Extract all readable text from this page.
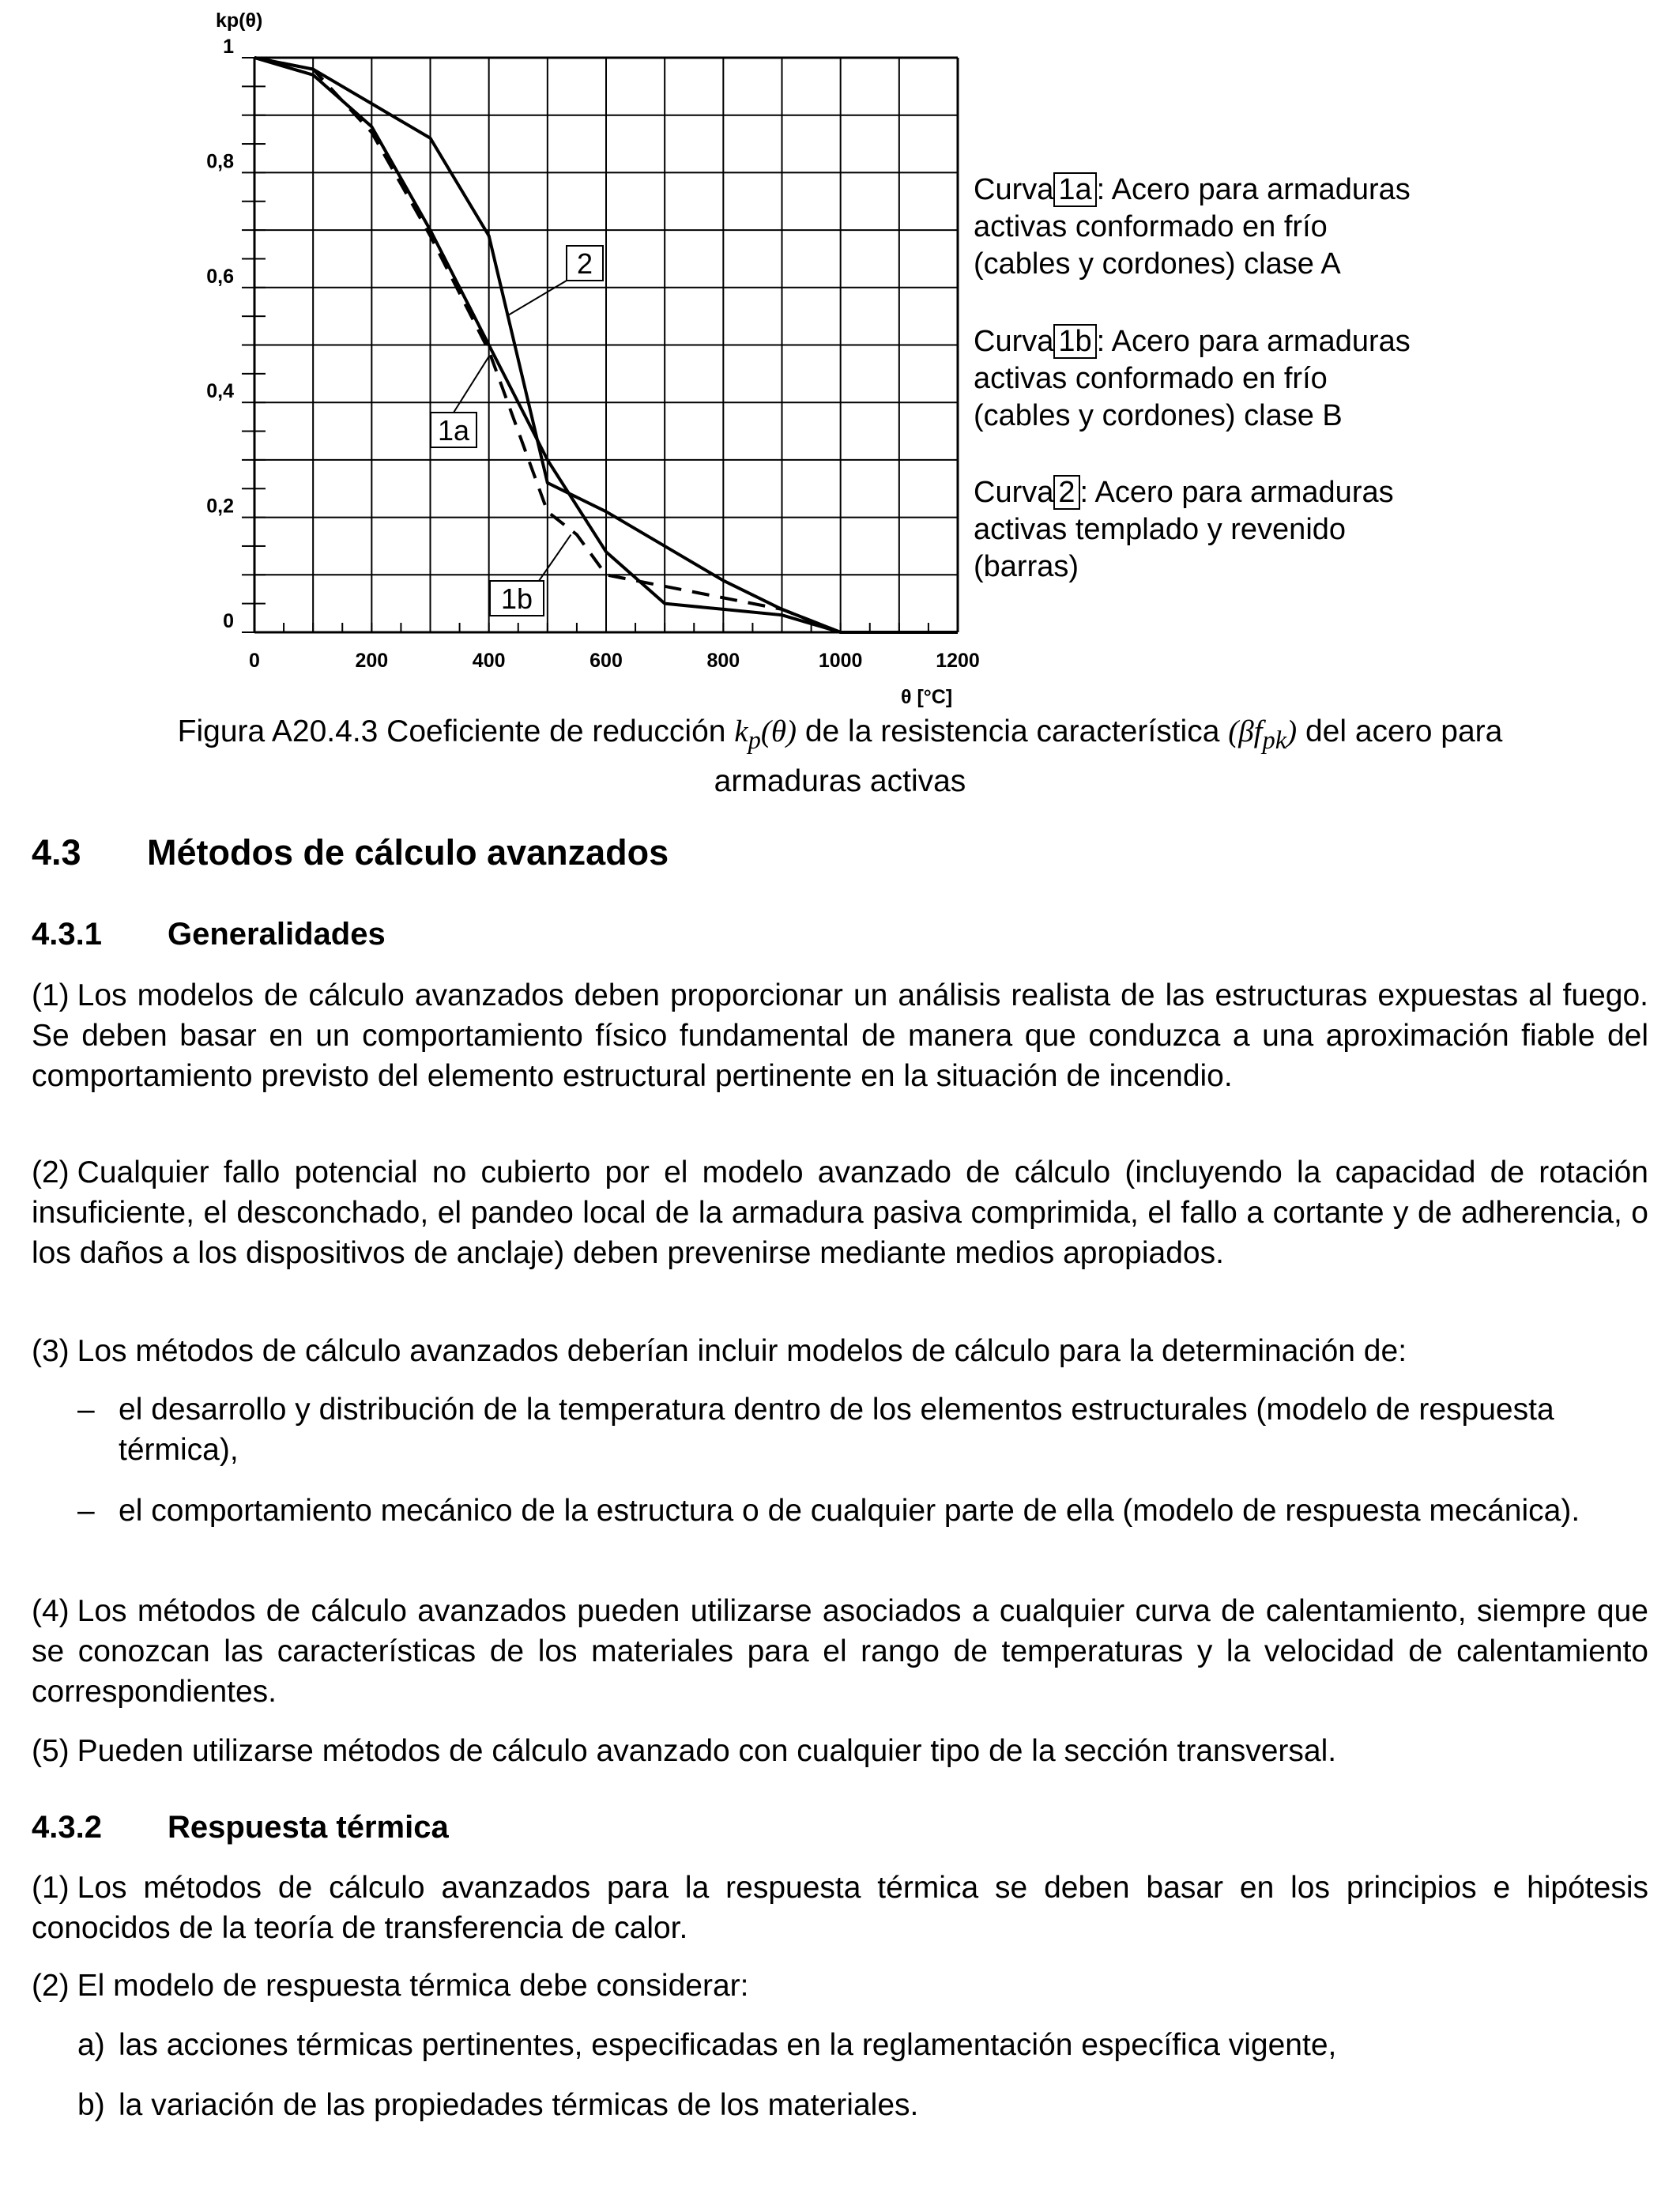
0
0,2
0,4
0,6
0,8
1
0	200	400	600	800	1000	1200
1a
1b
2
kp(θ)
θ [°C]
Curva 1a : Acero para armaduras
activas conformado en frío
(cables y cordones) clase A
Curva 1b : Acero para armaduras
activas conformado en frío
(cables y cordones) clase B
Curva 2 : Acero para armaduras
activas templado y revenido
(barras)
Figura A20.4.3 Coeficiente de reducción $k_p(\theta)$ de la resistencia característica $(\beta f_{pk})$ del acero para
armaduras activas
4.3 Métodos de cálculo avanzados
4.3.1 Generalidades
(1) Los modelos de cálculo avanzados deben proporcionar un análisis realista de las estructuras expuestas al fuego. Se deben basar en un comportamiento físico fundamental de manera que conduzca a una aproximación fiable del comportamiento previsto del elemento estructural pertinente en la situación de incendio.
(2) Cualquier fallo potencial no cubierto por el modelo avanzado de cálculo (incluyendo la capacidad de rotación insuficiente, el desconchado, el pandeo local de la armadura pasiva comprimida, el fallo a cortante y de adherencia, o los daños a los dispositivos de anclaje) deben prevenirse mediante medios apropiados.
(3) Los métodos de cálculo avanzados deberían incluir modelos de cálculo para la determinación de:
– el desarrollo y distribución de la temperatura dentro de los elementos estructurales (modelo de respuesta térmica),
– el comportamiento mecánico de la estructura o de cualquier parte de ella (modelo de respuesta mecánica).
(4) Los métodos de cálculo avanzados pueden utilizarse asociados a cualquier curva de calentamiento, siempre que se conozcan las características de los materiales para el rango de temperaturas y la velocidad de calentamiento correspondientes.
(5) Pueden utilizarse métodos de cálculo avanzado con cualquier tipo de la sección transversal.
4.3.2 Respuesta térmica
(1) Los métodos de cálculo avanzados para la respuesta térmica se deben basar en los principios e hipótesis conocidos de la teoría de transferencia de calor.
(2) El modelo de respuesta térmica debe considerar:
a) las acciones térmicas pertinentes, especificadas en la reglamentación específica vigente,
b) la variación de las propiedades térmicas de los materiales.
